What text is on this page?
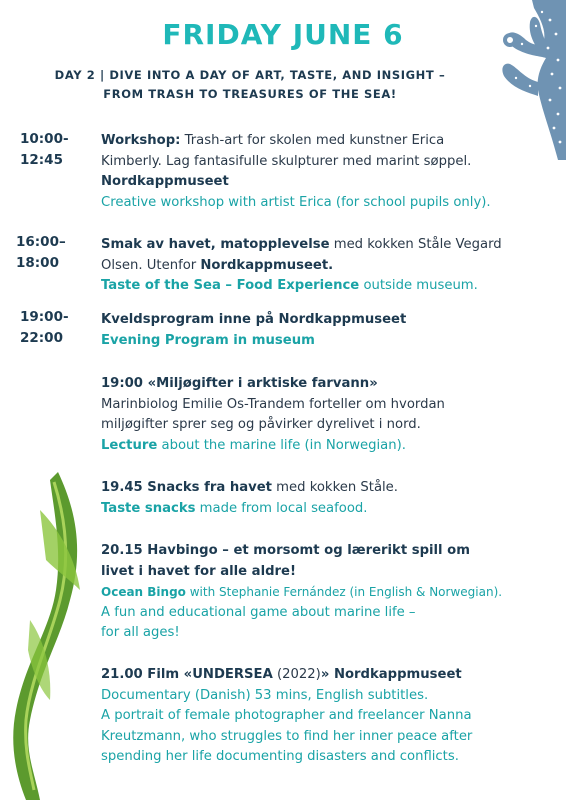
FRIDAY JUNE 6
DAY 2 | DIVE INTO A DAY OF ART, TASTE, AND INSIGHT –
FROM TRASH TO TREASURES OF THE SEA!
10:00-
12:45

Workshop: Trash-art for skolen med kunstner Erica

Kimberly. Lag fantasifulle skulpturer med marint søppel.

Nordkappmuseet

Creative workshop with artist Erica (for school pupils only).

16:00–
18:00

Smak av havet, matopplevelse med kokken Ståle Vegard

Olsen. Utenfor Nordkappmuseet.

Taste of the Sea – Food Experience outside museum.

19:00-
22:00

Kveldsprogram inne på Nordkappmuseet

Evening Program in museum

19:00 «Miljøgifter i arktiske farvann»

Marinbiolog Emilie Os-Trandem forteller om hvordan

miljøgifter sprer seg og påvirker dyrelivet i nord.

Lecture about the marine life (in Norwegian).

19.45 Snacks fra havet med kokken Ståle.

Taste snacks made from local seafood.

20.15 Havbingo – et morsomt og lærerikt spill om

livet i havet for alle aldre!

Ocean Bingo with Stephanie Fernández (in English & Norwegian).

A fun and educational game about marine life –

for all ages!

21.00 Film «UNDERSEA (2022)» Nordkappmuseet

Documentary (Danish) 53 mins, English subtitles.

A portrait of female photographer and freelancer Nanna

Kreutzmann, who struggles to find her inner peace after

spending her life documenting disasters and conflicts.
